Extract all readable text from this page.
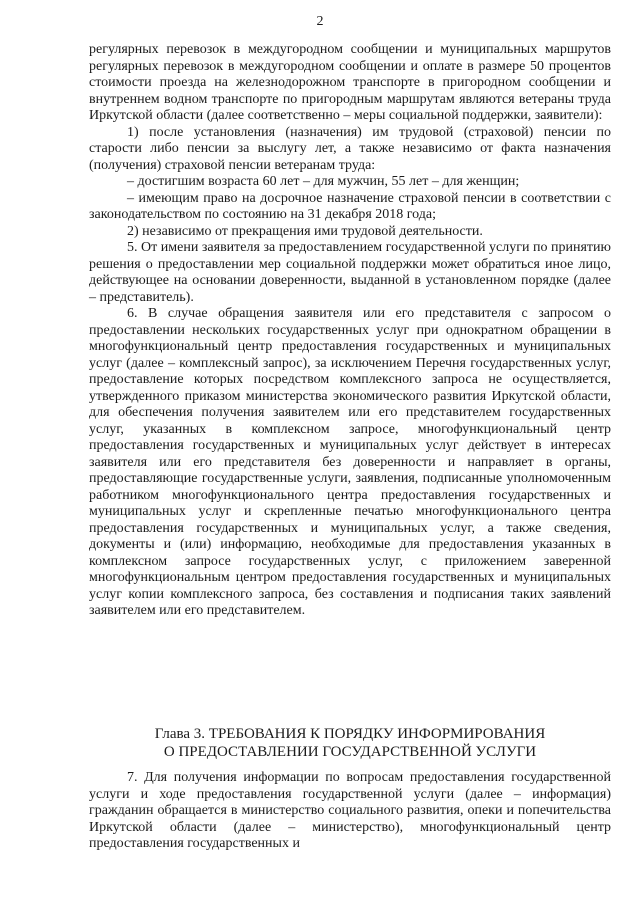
2

регулярных перевозок в междугородном сообщении и муниципальных маршрутов регулярных перевозок в междугородном сообщении и оплате в размере 50 процентов стоимости проезда на железнодорожном транспорте в пригородном сообщении и внутреннем водном транспорте по пригородным маршрутам являются ветераны труда Иркутской области (далее соответственно – меры социальной поддержки, заявители):

1) после установления (назначения) им трудовой (страховой) пенсии по старости либо пенсии за выслугу лет, а также независимо от факта назначения (получения) страховой пенсии ветеранам труда:

– достигшим возраста 60 лет – для мужчин, 55 лет – для женщин;

– имеющим право на досрочное назначение страховой пенсии в соответствии с законодательством по состоянию на 31 декабря 2018 года;

2) независимо от прекращения ими трудовой деятельности.

5. От имени заявителя за предоставлением государственной услуги по принятию решения о предоставлении мер социальной поддержки может обратиться иное лицо, действующее на основании доверенности, выданной в установленном порядке (далее – представитель).

6. В случае обращения заявителя или его представителя с запросом о предоставлении нескольких государственных услуг при однократном обращении в многофункциональный центр предоставления государственных и муниципальных услуг (далее – комплексный запрос), за исключением Перечня государственных услуг, предоставление которых посредством комплексного запроса не осуществляется, утвержденного приказом министерства экономического развития Иркутской области, для обеспечения получения заявителем или его представителем государственных услуг, указанных в комплексном запросе, многофункциональный центр предоставления государственных и муниципальных услуг действует в интересах заявителя или его представителя без доверенности и направляет в органы, предоставляющие государственные услуги, заявления, подписанные уполномоченным работником многофункционального центра предоставления государственных и муниципальных услуг и скрепленные печатью многофункционального центра предоставления государственных и муниципальных услуг, а также сведения, документы и (или) информацию, необходимые для предоставления указанных в комплексном запросе государственных услуг, с приложением заверенной многофункциональным центром предоставления государственных и муниципальных услуг копии комплексного запроса, без составления и подписания таких заявлений заявителем или его представителем.

Глава 3. ТРЕБОВАНИЯ К ПОРЯДКУ ИНФОРМИРОВАНИЯ
О ПРЕДОСТАВЛЕНИИ ГОСУДАРСТВЕННОЙ УСЛУГИ

7. Для получения информации по вопросам предоставления государственной услуги и ходе предоставления государственной услуги (далее – информация) гражданин обращается в министерство социального развития, опеки и попечительства Иркутской области (далее – министерство), многофункциональный центр предоставления государственных и
